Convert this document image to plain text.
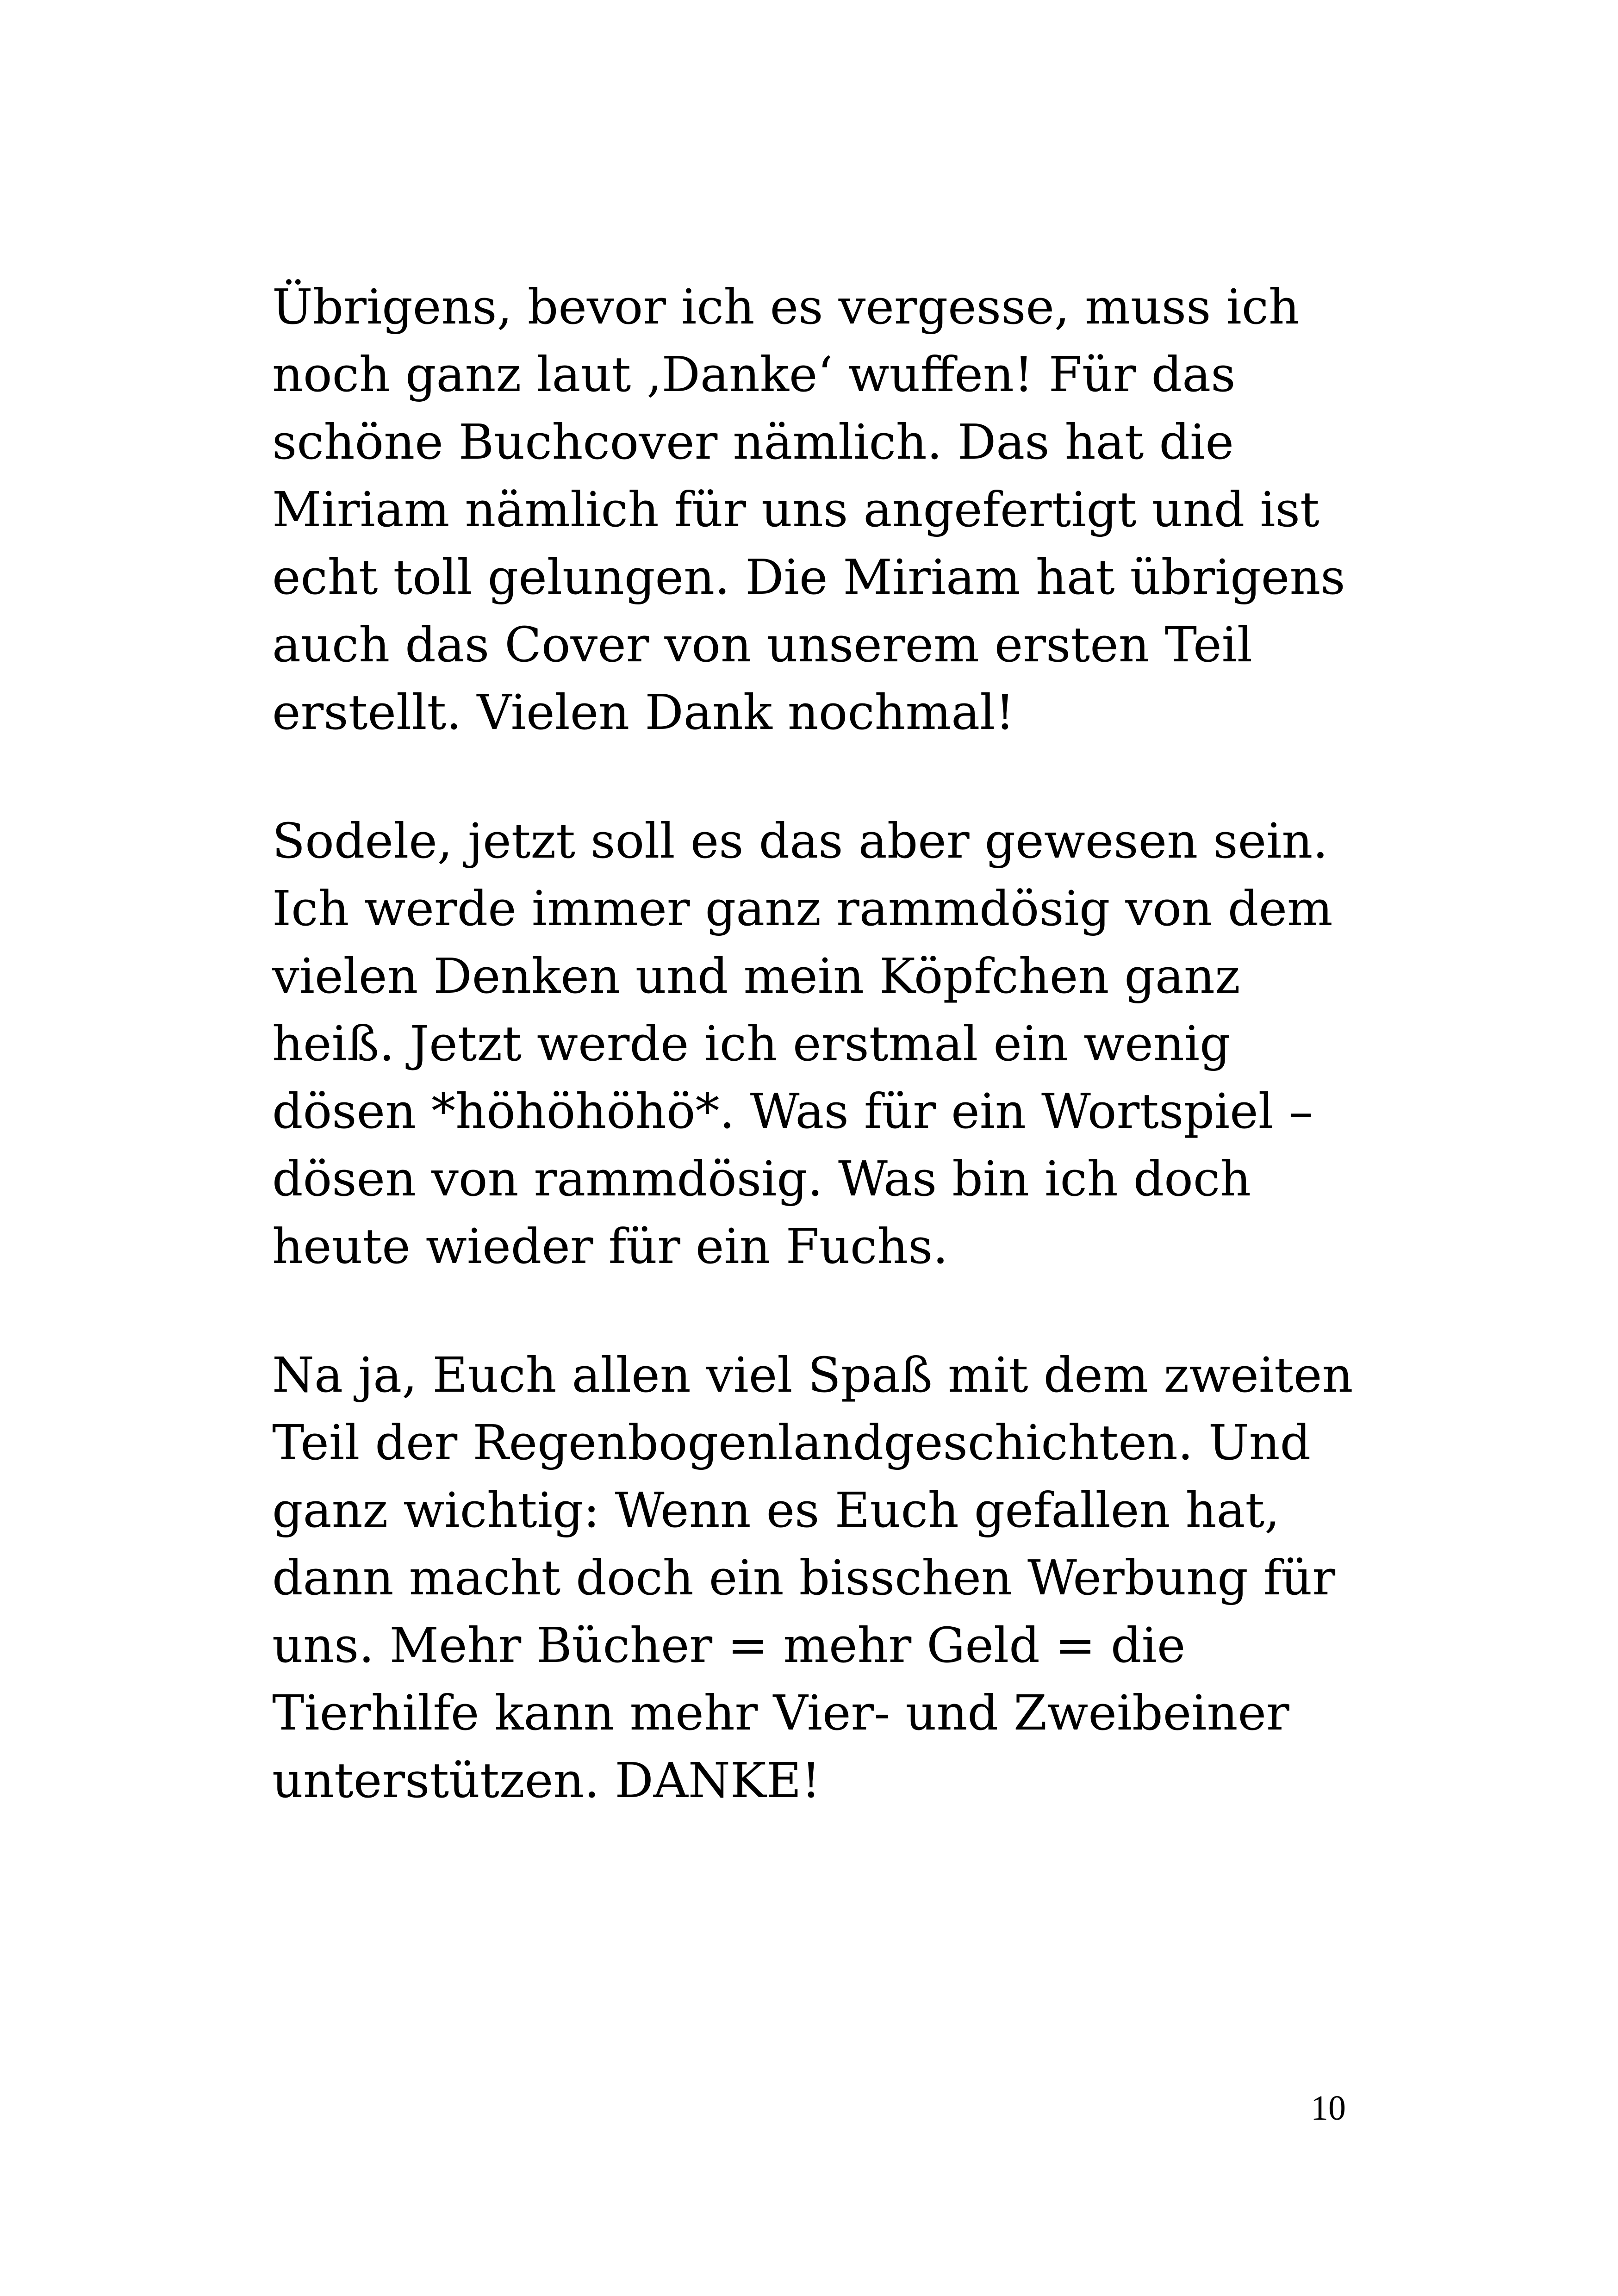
Übrigens, bevor ich es vergesse, muss ich
noch ganz laut ‚Danke‘ wuffen! Für das
schöne Buchcover nämlich. Das hat die
Miriam nämlich für uns angefertigt und ist
echt toll gelungen. Die Miriam hat übrigens
auch das Cover von unserem ersten Teil
erstellt. Vielen Dank nochmal!
Sodele, jetzt soll es das aber gewesen sein.
Ich werde immer ganz rammdösig von dem
vielen Denken und mein Köpfchen ganz
heiß. Jetzt werde ich erstmal ein wenig
dösen *höhöhöhö*. Was für ein Wortspiel –
dösen von rammdösig. Was bin ich doch
heute wieder für ein Fuchs.
Na ja, Euch allen viel Spaß mit dem zweiten
Teil der Regenbogenlandgeschichten. Und
ganz wichtig: Wenn es Euch gefallen hat,
dann macht doch ein bisschen Werbung für
uns. Mehr Bücher = mehr Geld = die
Tierhilfe kann mehr Vier- und Zweibeiner
unterstützen. DANKE!
10
